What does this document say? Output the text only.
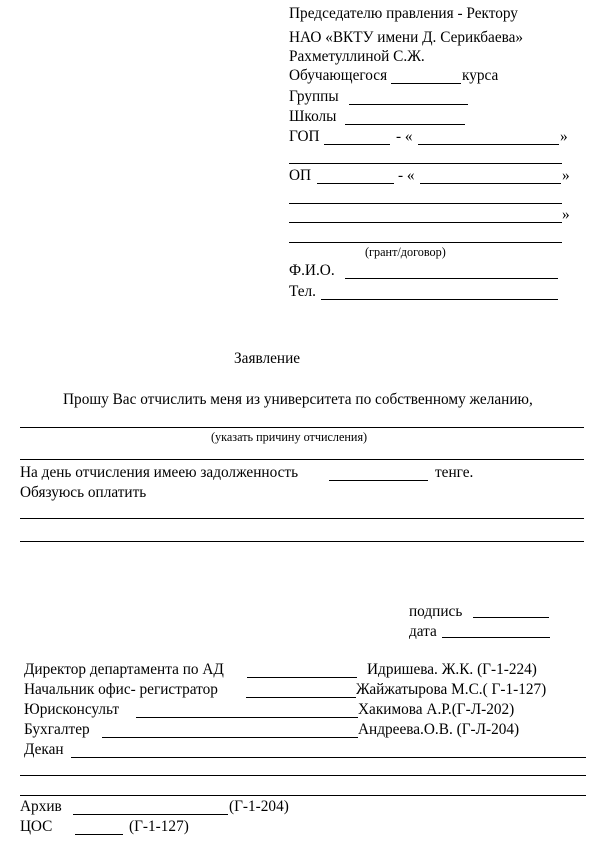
Председателю правления - Ректору
НАО «ВКТУ имени Д. Серикбаева»
Рахметуллиной С.Ж.
Обучающегося	курса
Группы
Школы
ГОП	- «	»
ОП	- «	»
»
(грант/договор)
Ф.И.О.
Тел.
Заявление
Прошу Вас отчислить меня из университета по собственному желанию,
(указать причину отчисления)
На день отчисления имеею задолженность	тенге.
Обязуюсь оплатить
подпись
дата
Директор департамента по АД	Идришева. Ж.К. (Г-1-224)
Начальник офис- регистратор	Жайжатырова М.С.( Г-1-127)
Юрисконсульт	Хакимова А.Р.(Г-Л-202)
Бухгалтер	Андреева.О.В. (Г-Л-204)
Декан
Архив	(Г-1-204)
ЦОС	(Г-1-127)
